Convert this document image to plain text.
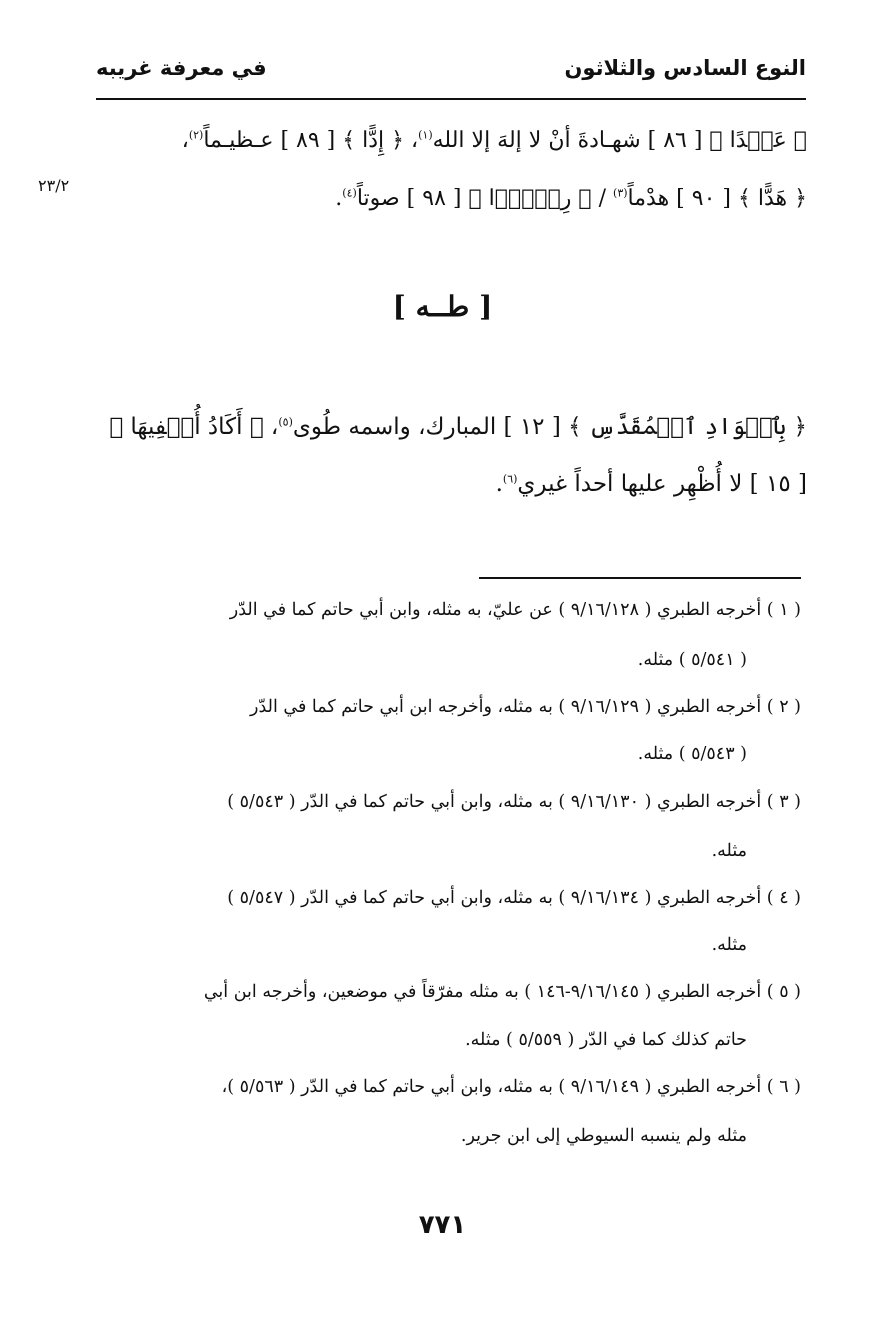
النوع السادس والثلاثون
في معرفة غريبه
٢٣/٢
﴿ عَهۡدًا ﴾ [ ٨٦ ] شهـادةَ أنْ لا إلهَ إلا الله$^{(١)}$، ﴿ إِدًّا ﴾ [ ٨٩ ] عـظيـماً$^{(٢)}$،
﴿ هَدًّا ﴾ [ ٩٠ ] هدْماً$^{(٣)}$ / ﴿ رِكۡزَۢا ﴾ [ ٩٨ ] صوتاً$^{(٤)}$.
[ طــه ]
﴿ بِٱلۡوَادِ ٱلۡمُقَدَّسِ ﴾ [ ١٢ ] المبارك، واسمه طُوى$^{(٥)}$، ﴿ أَكَادُ أُخۡفِيهَا ﴾
[ ١٥ ] لا أُظْهِر عليها أحداً غيري$^{(٦)}$.
( ١ ) أخرجه الطبري ( ٩/١٦/١٢٨ ) عن عليّ، به مثله، وابن أبي حاتم كما في الدّر
( ٥/٥٤١ ) مثله.
( ٢ ) أخرجه الطبري ( ٩/١٦/١٢٩ ) به مثله، وأخرجه ابن أبي حاتم كما في الدّر
( ٥/٥٤٣ ) مثله.
( ٣ ) أخرجه الطبري ( ٩/١٦/١٣٠ ) به مثله، وابن أبي حاتم كما في الدّر ( ٥/٥٤٣ )
مثله.
( ٤ ) أخرجه الطبري ( ٩/١٦/١٣٤ ) به مثله، وابن أبي حاتم كما في الدّر ( ٥/٥٤٧ )
مثله.
( ٥ ) أخرجه الطبري ( ٩/١٦/١٤٥-١٤٦ ) به مثله مفرّقاً في موضعين، وأخرجه ابن أبي
حاتم كذلك كما في الدّر ( ٥/٥٥٩ ) مثله.
( ٦ ) أخرجه الطبري ( ٩/١٦/١٤٩ ) به مثله، وابن أبي حاتم كما في الدّر ( ٥/٥٦٣ )،
مثله ولم ينسبه السيوطي إلى ابن جرير.
٧٧١
